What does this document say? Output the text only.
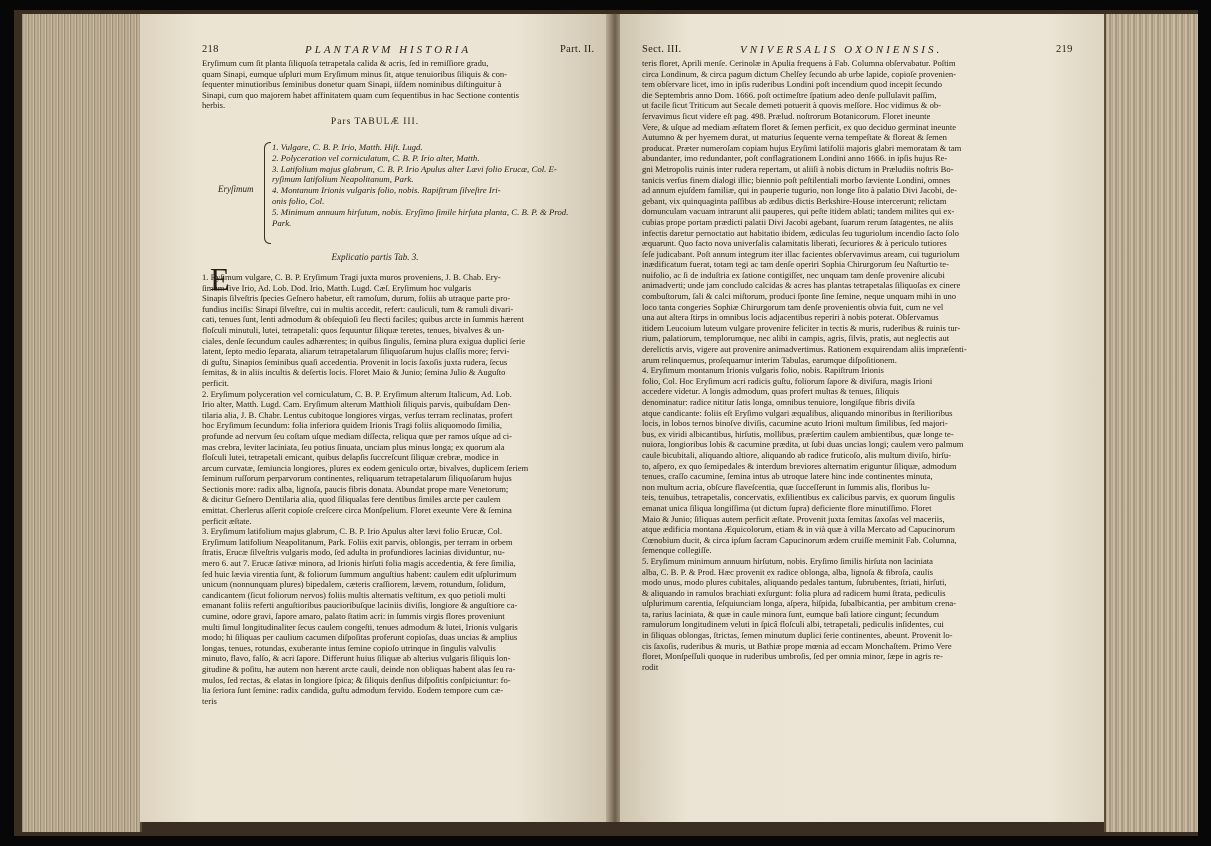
218	PLANTARVM HISTORIA	Part. II.
Eryſimum cum ſit planta ſiliquoſa tetrapetala calida & acris, ſed in remiſſiore gradu,
quam Sinapi, eumque uſpluri mum Eryſimum minus ſit, atque tenuioribus ſiliquis & con-
ſequenter minutioribus ſeminibus donetur quam Sinapi, iiſdem nominibus diſtinguitur à
Sinapi, cum quo majorem habet affinitatem quam cum ſequentibus in hac Sectione contentis
herbis.
Pars TABULÆ III.
Eryſimum
1. Vulgare, C. B. P. Irio, Matth. Hiſt. Lugd.
2. Polyceration vel corniculatum, C. B. P. Irio alter, Matth.
3. Latifolium majus glabrum, C. B. P. Irio Apulus alter Lævi folio Erucæ, Col. E-
ryſimum latifolium Neapolitanum, Park.
4. Montanum Irionis vulgaris folio, nobis. Rapiſtrum ſilveſtre Iri-
onis folio, Col.
5. Minimum annuum hirſutum, nobis. Eryſimo ſimile hirſuta planta, C. B. P. & Prod.
Park.
Explicatio partis Tab. 3.
E
1. Ryſimum vulgare, C. B. P. Eryſimum Tragi juxta muros proveniens, J. B. Chab. Ery-
ſimum ſive Irio, Ad. Lob. Dod. Irio, Matth. Lugd. Cæſ. Eryſimum hoc vulgaris
Sinapis ſilveſtris ſpecies Geſnero habetur, eſt ramoſum, durum, foliis ab utraque parte pro-
fundius inciſis: Sinapi ſilveſtre, cui in multis accedit, refert: cauliculi, tum & ramuli divari-
cati, tenues ſunt, lenti admodum & obſequioſi ſeu flecti faciles; quibus arcte in ſummis hærent
floſculi minutuli, lutei, tetrapetali: quos ſequuntur ſiliquæ teretes, tenues, bivalves & un-
ciales, denſe ſecundum caules adhærentes; in quibus ſingulis, ſemina plura exigua duplici ſerie
latent, ſepto medio ſeparata, aliarum tetrapetalarum ſiliquoſarum hujus claſſis more; fervi-
di guſtu, Sinapios ſeminibus quaſi accedentia. Provenit in locis ſaxoſis juxta rudera, ſecus
ſemitas, & in aliis incultis & deſertis locis. Floret Maio & Junio; ſemina Julio & Auguſto
perficit.
2. Eryſimum polyceration vel corniculatum, C. B. P. Eryſimum alterum Italicum, Ad. Lob.
Irio alter, Matth. Lugd. Cam. Eryſimum alterum Matthioli ſiliquis parvis, quibuſdam Den-
tilaria alia, J. B. Chabr. Lentus cubitoque longiores virgas, verſus terram reclinatas, profert
hoc Eryſimum ſecundum: folia inferiora quidem Irionis Tragi foliis aliquomodo ſimilia,
profunde ad nervum ſeu coſtam uſque mediam diſſecta, reliqua quæ per ramos uſque ad ci-
mas crebra, leviter laciniata, ſeu potius ſinuata, unciam plus minus longa; ex quorum ala
floſculi lutei, tetrapetali emicant, quibus delapſis ſuccreſcunt ſiliquæ crebræ, modice in
arcum curvatæ, ſemiuncia longiores, plures ex eodem geniculo ortæ, bivalves, duplicem ſeriem
ſeminum ruſſorum perparvorum continentes, reliquarum tetrapetalarum ſiliquoſarum hujus
Sectionis more: radix alba, lignoſa, paucis fibris donata. Abundat prope mare Venetorum;
& dicitur Geſnero Dentilaria alia, quod ſiliqualas fere dentibus ſimiles arcte per caulem
emittat. Cherlerus aſſerit copioſe creſcere circa Monſpelium. Floret exeunte Vere & ſemina
perficit æſtate.
3. Eryſimum latifolium majus glabrum, C. B. P. Irio Apulus alter lævi folio Erucæ, Col.
Eryſimum latifolium Neapolitanum, Park. Foliis exit parvis, oblongis, per terram in orbem
ſtratis, Erucæ ſilveſtris vulgaris modo, ſed adulta in profundiores lacinias dividuntur, nu-
mero 6. aut 7. Erucæ ſativæ minora, ad Irionis hirſuti folia magis accedentia, & fere ſimilia,
ſed huic lævia virentia ſunt, & foliorum ſummum anguſtius habent: caulem edit uſplurimum
unicum (nonnunquam plures) bipedalem, cæteris craſſiorem, lævem, rotundum, ſolidum,
candicantem (ſicut foliorum nervos) foliis multis alternatis veſtitum, ex quo petioli multi
emanant foliis referti anguſtioribus paucioribuſque laciniis diviſis, longiore & anguſtiore ca-
cumine, odore gravi, ſapore amaro, palato ſtatim acri: in ſummis virgis flores proveniunt
multi ſimul longitudinaliter ſecus caulem congeſti, tenues admodum & lutei, Irionis vulgaris
modo; hi ſiliquas per caulium cacumen diſpoſitas proferunt copioſas, duas uncias & amplius
longas, tenues, rotundas, exuberante intus ſemine copioſo utrinque in ſingulis valvulis
minuto, flavo, falſo, & acri ſapore. Differunt huius ſiliquæ ab alterius vulgaris ſiliquis lon-
gitudine & poſitu, hæ autem non hærent arcte cauli, deinde non obliquas habent alas ſeu ra-
mulos, ſed rectas, & elatas in longiore ſpica; & ſiliquis denſius diſpoſitis conſpiciuntur: fo-
lia ſeriora ſunt ſemine: radix candida, guſtu admodum fervido. Eodem tempore cum cæ-
teris
Sect. III.	VNIVERSALIS OXONIENSIS.	219
teris floret, Aprili menſe. Cerinolæ in Apulia frequens à Fab. Columna obſervabatur. Poſtim
circa Londinum, & circa pagum dictum Chelſey ſecundo ab urbe lapide, copioſe provenien-
tem obſervare licet, imo in ipſis ruderibus Londini poſt incendium quod incepit ſecundo
die Septembris anno Dom. 1666. poſt octimeſtre ſpatium adeo denſe pullulavit paſſim,
ut facile ſicut Triticum aut Secale demeti potuerit à quovis meſſore. Hoc vidimus & ob-
ſervavimus ſicut videre eſt pag. 498. Prælud. noſtrorum Botanicorum. Floret ineunte
Vere, & uſque ad mediam æſtatem floret & ſemen perficit, ex quo deciduo germinat ineunte
Autumno & per hyemem durat, ut maturius ſequente verna tempeſtate & floreat & ſemen
producat. Præter numeroſam copiam hujus Eryſimi latifolii majoris glabri memoratam & tam
abundanter, imo redundanter, poſt conflagrationem Londini anno 1666. in ipſis hujus Re-
gni Metropolis ruinis inter rudera repertam, ut aliiſi à nobis dictum in Præludiis noſtris Bo-
tanicis verſus finem dialogi illic; biennio poſt peſtilentiali morbo ſæviente Londini, omnes
ad annum ejuſdem familiæ, qui in pauperie tugurio, non longe ſito à palatio Divi Jacobi, de-
gebant, vix quinquaginta paſſibus ab ædibus dictis Berkshire-House intercerunt; relictam
domunculam vacuam intrarunt alii pauperes, qui peſte itidem ablati; tandem milites qui ex-
cubias prope portam prædicti palatii Divi Jacobi agebant, ſuarum rerum ſatagentes, ne aliis
infectis daretur pernoctatio aut habitatio ibidem, ædiculas ſeu tuguriolum incendio ſacto ſolo
æquarunt. Quo facto nova univerſalis calamitatis liberati, ſecuriores & à periculo tutiores
ſeſe judicabant. Poſt annum integrum iter illac facientes obſervavimus aream, cui tuguriolum
inædificatum fuerat, totam tegi ac tam denſe operiri Sophia Chirurgorum ſeu Naſturtio te-
nuifolio, ac ſi de induſtria ex ſatione contigiſſet, nec unquam tam denſe provenire alicubi
animadverti; unde jam concludo calcidas & acres has plantas tetrapetalas ſiliquoſas ex cinere
combuſtorum, ſali & calci miſtorum, produci ſponte ſine ſemine, neque unquam mihi in uno
loco tanta congeries Sophiæ Chirurgorum tam denſe provenientis obvia fuit, cum ne vel
una aut altera ſtirps in omnibus locis adjacentibus reperiri à nobis poterat. Obſervamus
itidem Leucoium luteum vulgare provenire feliciter in tectis & muris, ruderibus & ruinis tur-
rium, palatiorum, templorumque, nec alibi in campis, agris, ſilvis, pratis, aut neglectis aut
derelictis arvis, vigere aut provenire animadvertimus. Rationem exquirendam aliis impræſenti-
arum relinquemus, proſequamur interim Tabulas, earumque diſpoſitionem.
4. Eryſimum montanum Irionis vulgaris folio, nobis. Rapiſtrum Irionis
folio, Col. Hoc Eryſimum acri radicis guſtu, foliorum ſapore & diviſura, magis Irioni
accedere videtur. A longis admodum, quas profert multas & tenues, ſiliquis
denominatur: radice nititur ſatis longa, omnibus tenuiore, longiſque fibris diviſa
atque candicante: foliis eſt Eryſimo vulgari æqualibus, aliquando minoribus in ſterilioribus
locis, in lobos ternos binoſve diviſis, cacumine acuto Irioni multum ſimilibus, ſed majori-
bus, ex viridi albicantibus, hirſutis, mollibus, præſertim caulem ambientibus, quæ longe te-
nuiora, longioribus lobis & cacumine prædita, ut ſubi duas uncias longi; caulem vero palmum
caule bicubitali, aliquando altiore, aliquando ab radice fruticoſo, alis multum diviſo, hirſu-
to, aſpero, ex quo ſemipedales & interdum breviores alternatim eriguntur ſiliquæ, admodum
tenues, craſſo cacumine, ſemina intus ab utroque latere hinc inde continentes minuta,
non multum acria, obſcure flaveſcentia, quæ ſucceſſerunt in ſummis alis, floribus lu-
teis, tenuibus, tetrapetalis, concervatis, exſilientibus ex calicibus parvis, ex quorum ſingulis
emanat unica ſiliqua longiſſima (ut dictum ſupra) deficiente flore minutiſſimo. Floret
Maio & Junio; ſiliquas autem perficit æſtate. Provenit juxta ſemitas ſaxoſas vel maceriis,
atque ædificia montana Æquicolorum, etiam & in vià quæ à villa Mercato ad Capucinorum
Cœnobium ducit, & circa ipſum ſacram Capucinorum ædem cruiſſe meminit Fab. Columna,
ſemenque collegiſſe.
5. Eryſimum minimum annuum hirſutum, nobis. Eryſimo ſimilis hirſuta non laciniata
alba, C. B. P. & Prod. Hæc provenit ex radice oblonga, alba, lignoſa & fibroſa, caulis
modo unus, modo plures cubitales, aliquando pedales tantum, ſubrubentes, ſtriati, hirſuti,
& aliquando in ramulos brachiati exſurgunt: folia plura ad radicem humi ſtrata, pediculis
uſplurimum carentia, ſeſquiunciam longa, aſpera, hiſpida, ſubalbicantia, per ambitum crena-
ta, rarius laciniata, & quæ in caule minora ſunt, eumque baſi latiore cingunt; ſecundum
ramulorum longitudinem veluti in ſpicâ floſculi albi, tetrapetali, pediculis inſidentes, cui
in ſiliquas oblongas, ſtrictas, ſemen minutum duplici ſerie continentes, abeunt. Provenit lo-
cis ſaxoſis, ruderibus & muris, ut Bathiæ prope mœnia ad eccam Monchaſtem. Primo Vere
floret, Monſpeſſuli quoque in ruderibus umbroſis, ſed per omnia minor, ſæpe in agris re-
rodit
